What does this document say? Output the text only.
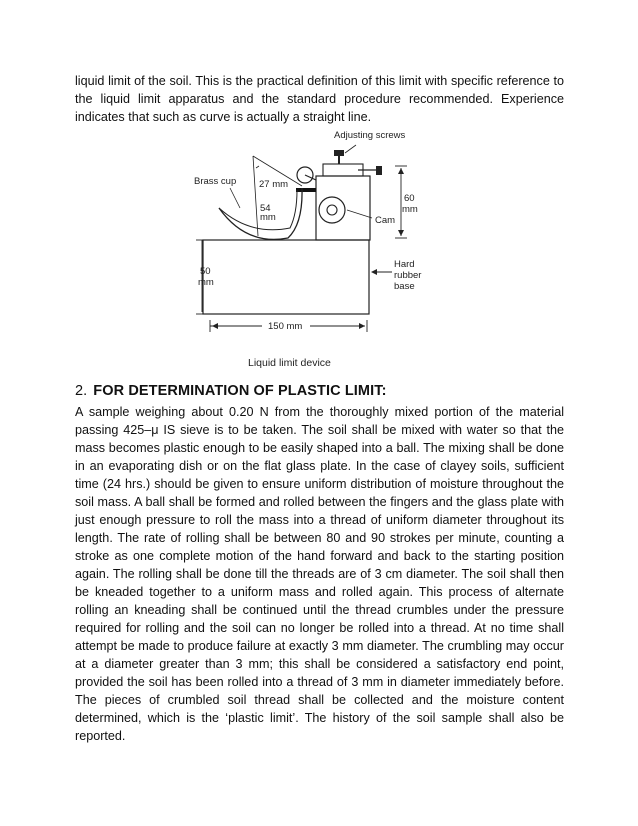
liquid limit of the soil. This is the practical definition of this limit with specific reference to the liquid limit apparatus and the standard procedure recommended. Experience indicates that such as curve is actually a straight line.

Adjusting screws
Brass cup 27 mm
54
mm
60
mm
Cam
50
mm
Hard
rubber
base
150 mm
Liquid limit device
2. FOR DETERMINATION OF PLASTIC LIMIT:

A sample weighing about 0.20 N from the thoroughly mixed portion of the material passing 425–μ IS sieve is to be taken. The soil shall be mixed with water so that the mass becomes plastic enough to be easily shaped into a ball. The mixing shall be done in an evaporating dish or on the flat glass plate. In the case of clayey soils, sufficient time (24 hrs.) should be given to ensure uniform distribution of moisture throughout the soil mass. A ball shall be formed and rolled between the fingers and the glass plate with just enough pressure to roll the mass into a thread of uniform diameter throughout its length. The rate of rolling shall be between 80 and 90 strokes per minute, counting a stroke as one complete motion of the hand forward and back to the starting position again. The rolling shall be done till the threads are of 3 cm diameter. The soil shall then be kneaded together to a uniform mass and rolled again. This process of alternate rolling an kneading shall be continued until the thread crumbles under the pressure required for rolling and the soil can no longer be rolled into a thread. At no time shall attempt be made to produce failure at exactly 3 mm diameter. The crumbling may occur at a diameter greater than 3 mm; this shall be considered a satisfactory end point, provided the soil has been rolled into a thread of 3 mm in diameter immediately before. The pieces of crumbled soil thread shall be collected and the moisture content determined, which is the ‘plastic limit’. The history of the soil sample shall also be reported.
